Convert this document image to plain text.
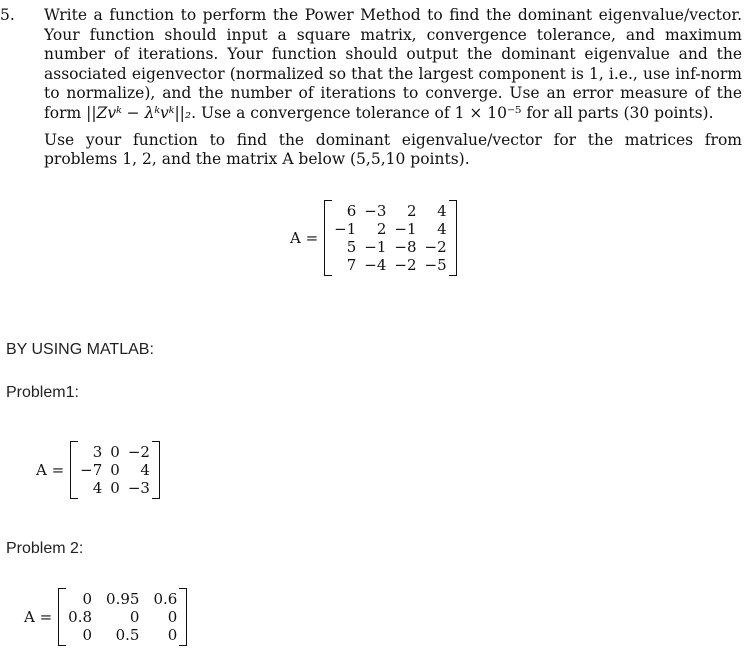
5. Write a function to perform the Power Method to find the dominant eigenvalue/vector. Your function should input a square matrix, convergence tolerance, and maximum number of iterations. Your function should output the dominant eigenvalue and the associated eigenvector (normalized so that the largest component is 1, i.e., use inf-norm to normalize), and the number of iterations to converge. Use an error measure of the form ||Zvᵏ − λᵏvᵏ||₂. Use a convergence tolerance of 1 × 10⁻⁵ for all parts (30 points).

Use your function to find the dominant eigenvalue/vector for the matrices from problems 1, 2, and the matrix A below (5,5,10 points).

A =
6 −3	2	4
−1	2 −1	4
5 −1 −8 −2
7 −4 −2 −5
BY USING MATLAB:
Problem1:
A =
3 0 −2
−7 0	4
4 0 −3
Problem 2:
A =
0 0.95 0.6
0.8	0	0
0	0.5	0
